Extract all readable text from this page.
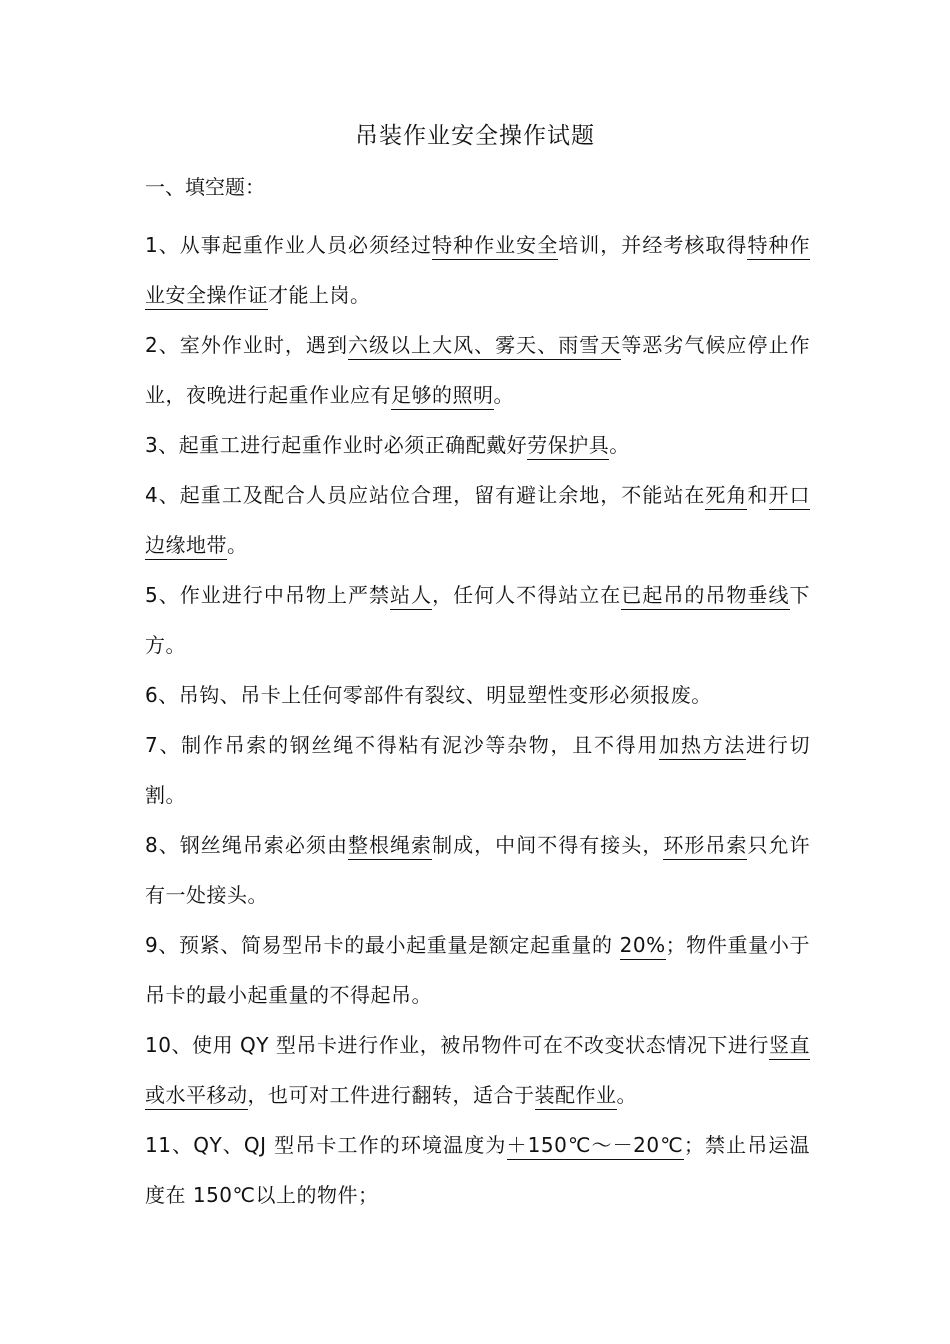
吊装作业安全操作试题
一、填空题：
1、从事起重作业人员必须经过特种作业安全培训，并经考核取得特种作业安全操作证才能上岗。
2、室外作业时，遇到六级以上大风、雾天、雨雪天等恶劣气候应停止作业，夜晚进行起重作业应有足够的照明。
3、起重工进行起重作业时必须正确配戴好劳保护具。
4、起重工及配合人员应站位合理，留有避让余地，不能站在死角和开口边缘地带。
5、作业进行中吊物上严禁站人，任何人不得站立在已起吊的吊物垂线下方。
6、吊钩、吊卡上任何零部件有裂纹、明显塑性变形必须报废。
7、制作吊索的钢丝绳不得粘有泥沙等杂物，且不得用加热方法进行切割。
8、钢丝绳吊索必须由整根绳索制成，中间不得有接头，环形吊索只允许有一处接头。
9、预紧、简易型吊卡的最小起重量是额定起重量的 20%；物件重量小于吊卡的最小起重量的不得起吊。
10、使用 QY 型吊卡进行作业，被吊物件可在不改变状态情况下进行竖直或水平移动，也可对工件进行翻转，适合于装配作业。
11、QY、QJ 型吊卡工作的环境温度为＋150℃～－20℃；禁止吊运温度在 150℃以上的物件；
